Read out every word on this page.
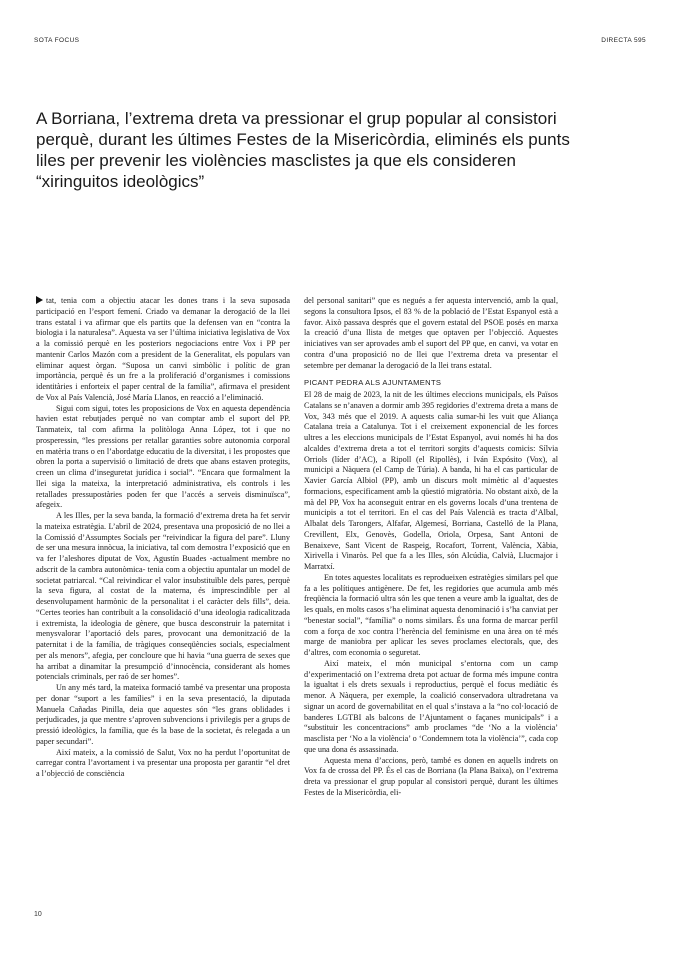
SOTA FOCUS	DIRECTA 595
A Borriana, l’extrema dreta va pressionar el grup popular al consistori perquè, durant les últimes Festes de la Misericòrdia, eliminés els punts liles per prevenir les violències masclistes ja que els consideren “xiringuitos ideològics”

tat, tenia com a objectiu atacar les dones trans i la seva suposada participació en l’esport femení. Criado va demanar la derogació de la llei trans estatal i va afirmar que els partits que la defensen van en “contra la biologia i la naturalesa”. Aquesta va ser l’última iniciativa legislativa de Vox a la comissió perquè en les posteriors negociacions entre Vox i PP per mantenir Carlos Mazón com a president de la Generalitat, els populars van eliminar aquest òrgan. “Suposa un canvi simbòlic i polític de gran importància, perquè és un fre a la proliferació d’organismes i comissions identitàries i enforteix el paper central de la família”, afirmava el president de Vox al País Valencià, José María Llanos, en reacció a l’eliminació.

Sigui com sigui, totes les proposicions de Vox en aquesta dependència havien estat rebutjades perquè no van comptar amb el suport del PP. Tanmateix, tal com afirma la politòloga Anna López, tot i que no prosperessin, “les pressions per retallar garanties sobre autonomia corporal en matèria trans o en l’abordatge educatiu de la diversitat, i les propostes que obren la porta a supervisió o limitació de drets que abans estaven protegits, creen un clima d’inseguretat jurídica i social”. “Encara que formalment la llei siga la mateixa, la interpretació administrativa, els controls i les retallades pressupostàries poden fer que l’accés a serveis disminuïsca”, afegeix.

A les Illes, per la seva banda, la formació d’extrema dreta ha fet servir la mateixa estratègia. L’abril de 2024, presentava una proposició de no llei a la Comissió d’Assumptes Socials per “reivindicar la figura del pare”. Lluny de ser una mesura innòcua, la iniciativa, tal com demostra l’exposició que en va fer l’aleshores diputat de Vox, Agustín Buades -actualment membre no adscrit de la cambra autonòmica- tenia com a objectiu apuntalar un model de societat patriarcal. “Cal reivindicar el valor insubstituïble dels pares, perquè la seva figura, al costat de la materna, és imprescindible per al desenvolupament harmònic de la personalitat i el caràcter dels fills”, deia. “Certes teories han contribuït a la consolidació d’una ideologia radicalitzada i extremista, la ideologia de gènere, que busca desconstruir la paternitat i menysvalorar l’aportació dels pares, provocant una demonització de la paternitat i de la família, de tràgiques conseqüències socials, especialment per als menors”, afegia, per concloure que hi havia “una guerra de sexes que ha arribat a dinamitar la presumpció d’innocència, considerant als homes potencials criminals, per raó de ser homes”.

Un any més tard, la mateixa formació també va presentar una proposta per donar “suport a les famílies” i en la seva presentació, la diputada Manuela Cañadas Pinilla, deia que aquestes són “les grans oblidades i perjudicades, ja que mentre s’aproven subvencions i privilegis per a grups de pressió ideològics, la família, que és la base de la societat, és relegada a un paper secundari”.

Així mateix, a la comissió de Salut, Vox no ha perdut l’oportunitat de carregar contra l’avortament i va presentar una proposta per garantir “el dret a l’objecció de consciència

del personal sanitari” que es negués a fer aquesta intervenció, amb la qual, segons la consultora Ipsos, el 83 % de la població de l’Estat Espanyol està a favor. Això passava després que el govern estatal del PSOE posés en marxa la creació d’una llista de metges que optaven per l’objecció. Aquestes iniciatives van ser aprovades amb el suport del PP que, en canvi, va votar en contra d’una proposició no de llei que l’extrema dreta va presentar el setembre per demanar la derogació de la llei trans estatal.

PICANT PEDRA ALS AJUNTAMENTS

El 28 de maig de 2023, la nit de les últimes eleccions municipals, els Països Catalans se n’anaven a dormir amb 395 regidories d’extrema dreta a mans de Vox, 343 més que el 2019. A aquests calia sumar-hi les vuit que Aliança Catalana treia a Catalunya. Tot i el creixement exponencial de les forces ultres a les eleccions municipals de l’Estat Espanyol, avui només hi ha dos alcaldes d’extrema dreta a tot el territori sorgits d’aquests comicis: Sílvia Orriols (líder d’AC), a Ripoll (el Ripollès), i Iván Expósito (Vox), al municipi a Nàquera (el Camp de Túria). A banda, hi ha el cas particular de Xavier García Albiol (PP), amb un discurs molt mimètic al d’aquestes formacions, especificament amb la qüestió migratòria. No obstant això, de la mà del PP, Vox ha aconseguit entrar en els governs locals d’una trentena de municipis a tot el territori. En el cas del País Valencià es tracta d’Albal, Albalat dels Tarongers, Alfafar, Algemesí, Borriana, Castelló de la Plana, Crevillent, Elx, Genovès, Godella, Oriola, Orpesa, Sant Antoni de Benaixeve, Sant Vicent de Raspeig, Rocafort, Torrent, València, Xàbia, Xirivella i Vinaròs. Pel que fa a les Illes, són Alcúdia, Calvià, Llucmajor i Marratxí.

En totes aquestes localitats es reprodueixen estratègies similars pel que fa a les polítiques antigènere. De fet, les regidories que acumula amb més freqüència la formació ultra són les que tenen a veure amb la igualtat, des de les quals, en molts casos s’ha eliminat aquesta denominació i s’ha canviat per “benestar social”, “família” o noms similars. És una forma de marcar perfil com a força de xoc contra l’herència del feminisme en una àrea on té més marge de maniobra per aplicar les seves proclames electorals, que, des d’altres, com economia o seguretat.

Així mateix, el món municipal s’entorna com un camp d’experimentació on l’extrema dreta pot actuar de forma més impune contra la igualtat i els drets sexuals i reproductius, perquè el focus mediàtic és menor. A Nàquera, per exemple, la coalició conservadora ultradretana va signar un acord de governabilitat en el qual s’instava a la “no col·locació de banderes LGTBI als balcons de l’Ajuntament o façanes municipals” i a “substituir les concentracions” amb proclames “de ‘No a la violència’ masclista per ‘No a la violència’ o ‘Condemnem tota la violència’”, cada cop que una dona és assassinada.

Aquesta mena d’accions, però, també es donen en aquells indrets on Vox fa de crossa del PP. És el cas de Borriana (la Plana Baixa), on l’extrema dreta va pressionar el grup popular al consistori perquè, durant les últimes Festes de la Misericòrdia, eli-

10
